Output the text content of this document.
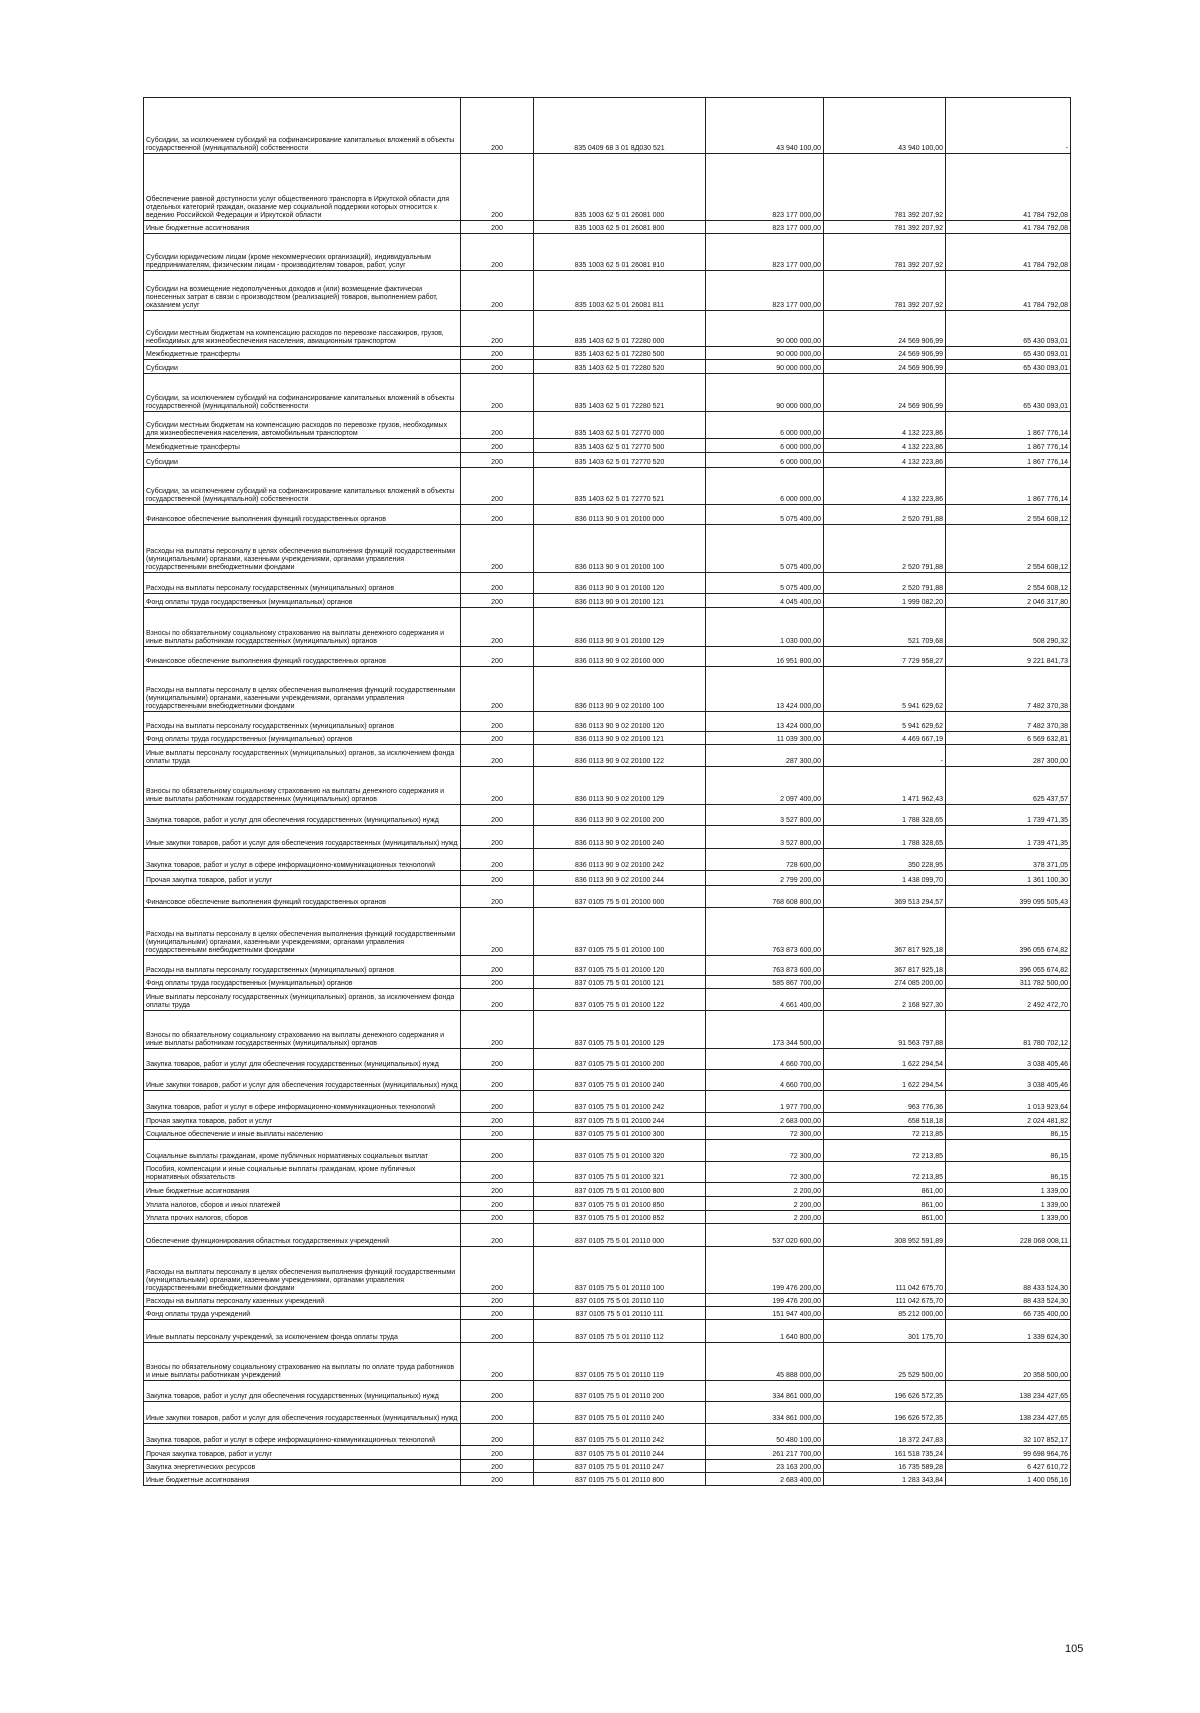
Субсидии, за исключением субсидий на софинансирование капитальных вложений в объекты государственной (муниципальной) собственности	200	835 0409 68 3 01 8Д030 521	43 940 100,00	43 940 100,00	-
Обеспечение равной доступности услуг общественного транспорта в Иркутской области для отдельных категорий граждан, оказание мер социальной поддержки которых относится к ведению Российской Федерации и Иркутской области	200	835 1003 62 5 01 26081 000	823 177 000,00	781 392 207,92	41 784 792,08
Иные бюджетные ассигнования	200	835 1003 62 5 01 26081 800	823 177 000,00	781 392 207,92	41 784 792,08
Субсидии юридическим лицам (кроме некоммерческих организаций), индивидуальным предпринимателям, физическим лицам - производителям товаров, работ, услуг	200	835 1003 62 5 01 26081 810	823 177 000,00	781 392 207,92	41 784 792,08
Субсидии на возмещение недополученных доходов и (или) возмещение фактически понесенных затрат в связи с производством (реализацией) товаров, выполнением работ, оказанием услуг	200	835 1003 62 5 01 26081 811	823 177 000,00	781 392 207,92	41 784 792,08
Субсидии местным бюджетам на компенсацию расходов по перевозке пассажиров, грузов, необходимых для жизнеобеспечения населения, авиационным транспортом	200	835 1403 62 5 01 72280 000	90 000 000,00	24 569 906,99	65 430 093,01
Межбюджетные трансферты	200	835 1403 62 5 01 72280 500	90 000 000,00	24 569 906,99	65 430 093,01
Субсидии	200	835 1403 62 5 01 72280 520	90 000 000,00	24 569 906,99	65 430 093,01
Субсидии, за исключением субсидий на софинансирование капитальных вложений в объекты государственной (муниципальной) собственности	200	835 1403 62 5 01 72280 521	90 000 000,00	24 569 906,99	65 430 093,01
Субсидии местным бюджетам на компенсацию расходов по перевозке грузов, необходимых для жизнеобеспечения населения, автомобильным транспортом	200	835 1403 62 5 01 72770 000	6 000 000,00	4 132 223,86	1 867 776,14
Межбюджетные трансферты	200	835 1403 62 5 01 72770 500	6 000 000,00	4 132 223,86	1 867 776,14
Субсидии	200	835 1403 62 5 01 72770 520	6 000 000,00	4 132 223,86	1 867 776,14
Субсидии, за исключением субсидий на софинансирование капитальных вложений в объекты государственной (муниципальной) собственности	200	835 1403 62 5 01 72770 521	6 000 000,00	4 132 223,86	1 867 776,14
Финансовое обеспечение выполнения функций государственных органов	200	836 0113 90 9 01 20100 000	5 075 400,00	2 520 791,88	2 554 608,12
Расходы на выплаты персоналу в целях обеспечения выполнения функций государственными (муниципальными) органами, казенными учреждениями, органами управления государственными внебюджетными фондами	200	836 0113 90 9 01 20100 100	5 075 400,00	2 520 791,88	2 554 608,12
Расходы на выплаты персоналу государственных (муниципальных) органов	200	836 0113 90 9 01 20100 120	5 075 400,00	2 520 791,88	2 554 608,12
Фонд оплаты труда государственных (муниципальных) органов	200	836 0113 90 9 01 20100 121	4 045 400,00	1 999 082,20	2 046 317,80
Взносы по обязательному социальному страхованию на выплаты денежного содержания и иные выплаты работникам государственных (муниципальных) органов	200	836 0113 90 9 01 20100 129	1 030 000,00	521 709,68	508 290,32
Финансовое обеспечение выполнения функций государственных органов	200	836 0113 90 9 02 20100 000	16 951 800,00	7 729 958,27	9 221 841,73
Расходы на выплаты персоналу в целях обеспечения выполнения функций государственными (муниципальными) органами, казенными учреждениями, органами управления государственными внебюджетными фондами	200	836 0113 90 9 02 20100 100	13 424 000,00	5 941 629,62	7 482 370,38
Расходы на выплаты персоналу государственных (муниципальных) органов	200	836 0113 90 9 02 20100 120	13 424 000,00	5 941 629,62	7 482 370,38
Фонд оплаты труда государственных (муниципальных) органов	200	836 0113 90 9 02 20100 121	11 039 300,00	4 469 667,19	6 569 632,81
Иные выплаты персоналу государственных (муниципальных) органов, за исключением фонда оплаты труда	200	836 0113 90 9 02 20100 122	287 300,00	-	287 300,00
Взносы по обязательному социальному страхованию на выплаты денежного содержания и иные выплаты работникам государственных (муниципальных) органов	200	836 0113 90 9 02 20100 129	2 097 400,00	1 471 962,43	625 437,57
Закупка товаров, работ и услуг для обеспечения государственных (муниципальных) нужд	200	836 0113 90 9 02 20100 200	3 527 800,00	1 788 328,65	1 739 471,35
Иные закупки товаров, работ и услуг для обеспечения государственных (муниципальных) нужд	200	836 0113 90 9 02 20100 240	3 527 800,00	1 788 328,65	1 739 471,35
Закупка товаров, работ и услуг в сфере информационно-коммуникационных технологий	200	836 0113 90 9 02 20100 242	728 600,00	350 228,95	378 371,05
Прочая закупка товаров, работ и услуг	200	836 0113 90 9 02 20100 244	2 799 200,00	1 438 099,70	1 361 100,30
Финансовое обеспечение выполнения функций государственных органов	200	837 0105 75 5 01 20100 000	768 608 800,00	369 513 294,57	399 095 505,43
Расходы на выплаты персоналу в целях обеспечения выполнения функций государственными (муниципальными) органами, казенными учреждениями, органами управления государственными внебюджетными фондами	200	837 0105 75 5 01 20100 100	763 873 600,00	367 817 925,18	396 055 674,82
Расходы на выплаты персоналу государственных (муниципальных) органов	200	837 0105 75 5 01 20100 120	763 873 600,00	367 817 925,18	396 055 674,82
Фонд оплаты труда государственных (муниципальных) органов	200	837 0105 75 5 01 20100 121	585 867 700,00	274 085 200,00	311 782 500,00
Иные выплаты персоналу государственных (муниципальных) органов, за исключением фонда оплаты труда	200	837 0105 75 5 01 20100 122	4 661 400,00	2 168 927,30	2 492 472,70
Взносы по обязательному социальному страхованию на выплаты денежного содержания и иные выплаты работникам государственных (муниципальных) органов	200	837 0105 75 5 01 20100 129	173 344 500,00	91 563 797,88	81 780 702,12
Закупка товаров, работ и услуг для обеспечения государственных (муниципальных) нужд	200	837 0105 75 5 01 20100 200	4 660 700,00	1 622 294,54	3 038 405,46
Иные закупки товаров, работ и услуг для обеспечения государственных (муниципальных) нужд	200	837 0105 75 5 01 20100 240	4 660 700,00	1 622 294,54	3 038 405,46
Закупка товаров, работ и услуг в сфере информационно-коммуникационных технологий	200	837 0105 75 5 01 20100 242	1 977 700,00	963 776,36	1 013 923,64
Прочая закупка товаров, работ и услуг	200	837 0105 75 5 01 20100 244	2 683 000,00	658 518,18	2 024 481,82
Социальное обеспечение и иные выплаты населению	200	837 0105 75 5 01 20100 300	72 300,00	72 213,85	86,15
Социальные выплаты гражданам, кроме публичных нормативных социальных выплат	200	837 0105 75 5 01 20100 320	72 300,00	72 213,85	86,15
Пособия, компенсации и иные социальные выплаты гражданам, кроме публичных нормативных обязательств	200	837 0105 75 5 01 20100 321	72 300,00	72 213,85	86,15
Иные бюджетные ассигнования	200	837 0105 75 5 01 20100 800	2 200,00	861,00	1 339,00
Уплата налогов, сборов и иных платежей	200	837 0105 75 5 01 20100 850	2 200,00	861,00	1 339,00
Уплата прочих налогов, сборов	200	837 0105 75 5 01 20100 852	2 200,00	861,00	1 339,00
Обеспечение функционирования областных государственных учреждений	200	837 0105 75 5 01 20110 000	537 020 600,00	308 952 591,89	228 068 008,11
Расходы на выплаты персоналу в целях обеспечения выполнения функций государственными (муниципальными) органами, казенными учреждениями, органами управления государственными внебюджетными фондами	200	837 0105 75 5 01 20110 100	199 476 200,00	111 042 675,70	88 433 524,30
Расходы на выплаты персоналу казенных учреждений	200	837 0105 75 5 01 20110 110	199 476 200,00	111 042 675,70	88 433 524,30
Фонд оплаты труда учреждений	200	837 0105 75 5 01 20110 111	151 947 400,00	85 212 000,00	66 735 400,00
Иные выплаты персоналу учреждений, за исключением фонда оплаты труда	200	837 0105 75 5 01 20110 112	1 640 800,00	301 175,70	1 339 624,30
Взносы по обязательному социальному страхованию на выплаты по оплате труда работников и иные выплаты работникам учреждений	200	837 0105 75 5 01 20110 119	45 888 000,00	25 529 500,00	20 358 500,00
Закупка товаров, работ и услуг для обеспечения государственных (муниципальных) нужд	200	837 0105 75 5 01 20110 200	334 861 000,00	196 626 572,35	138 234 427,65
Иные закупки товаров, работ и услуг для обеспечения государственных (муниципальных) нужд	200	837 0105 75 5 01 20110 240	334 861 000,00	196 626 572,35	138 234 427,65
Закупка товаров, работ и услуг в сфере информационно-коммуникационных технологий	200	837 0105 75 5 01 20110 242	50 480 100,00	18 372 247,83	32 107 852,17
Прочая закупка товаров, работ и услуг	200	837 0105 75 5 01 20110 244	261 217 700,00	161 518 735,24	99 698 964,76
Закупка энергетических ресурсов	200	837 0105 75 5 01 20110 247	23 163 200,00	16 735 589,28	6 427 610,72
Иные бюджетные ассигнования	200	837 0105 75 5 01 20110 800	2 683 400,00	1 283 343,84	1 400 056,16
105
